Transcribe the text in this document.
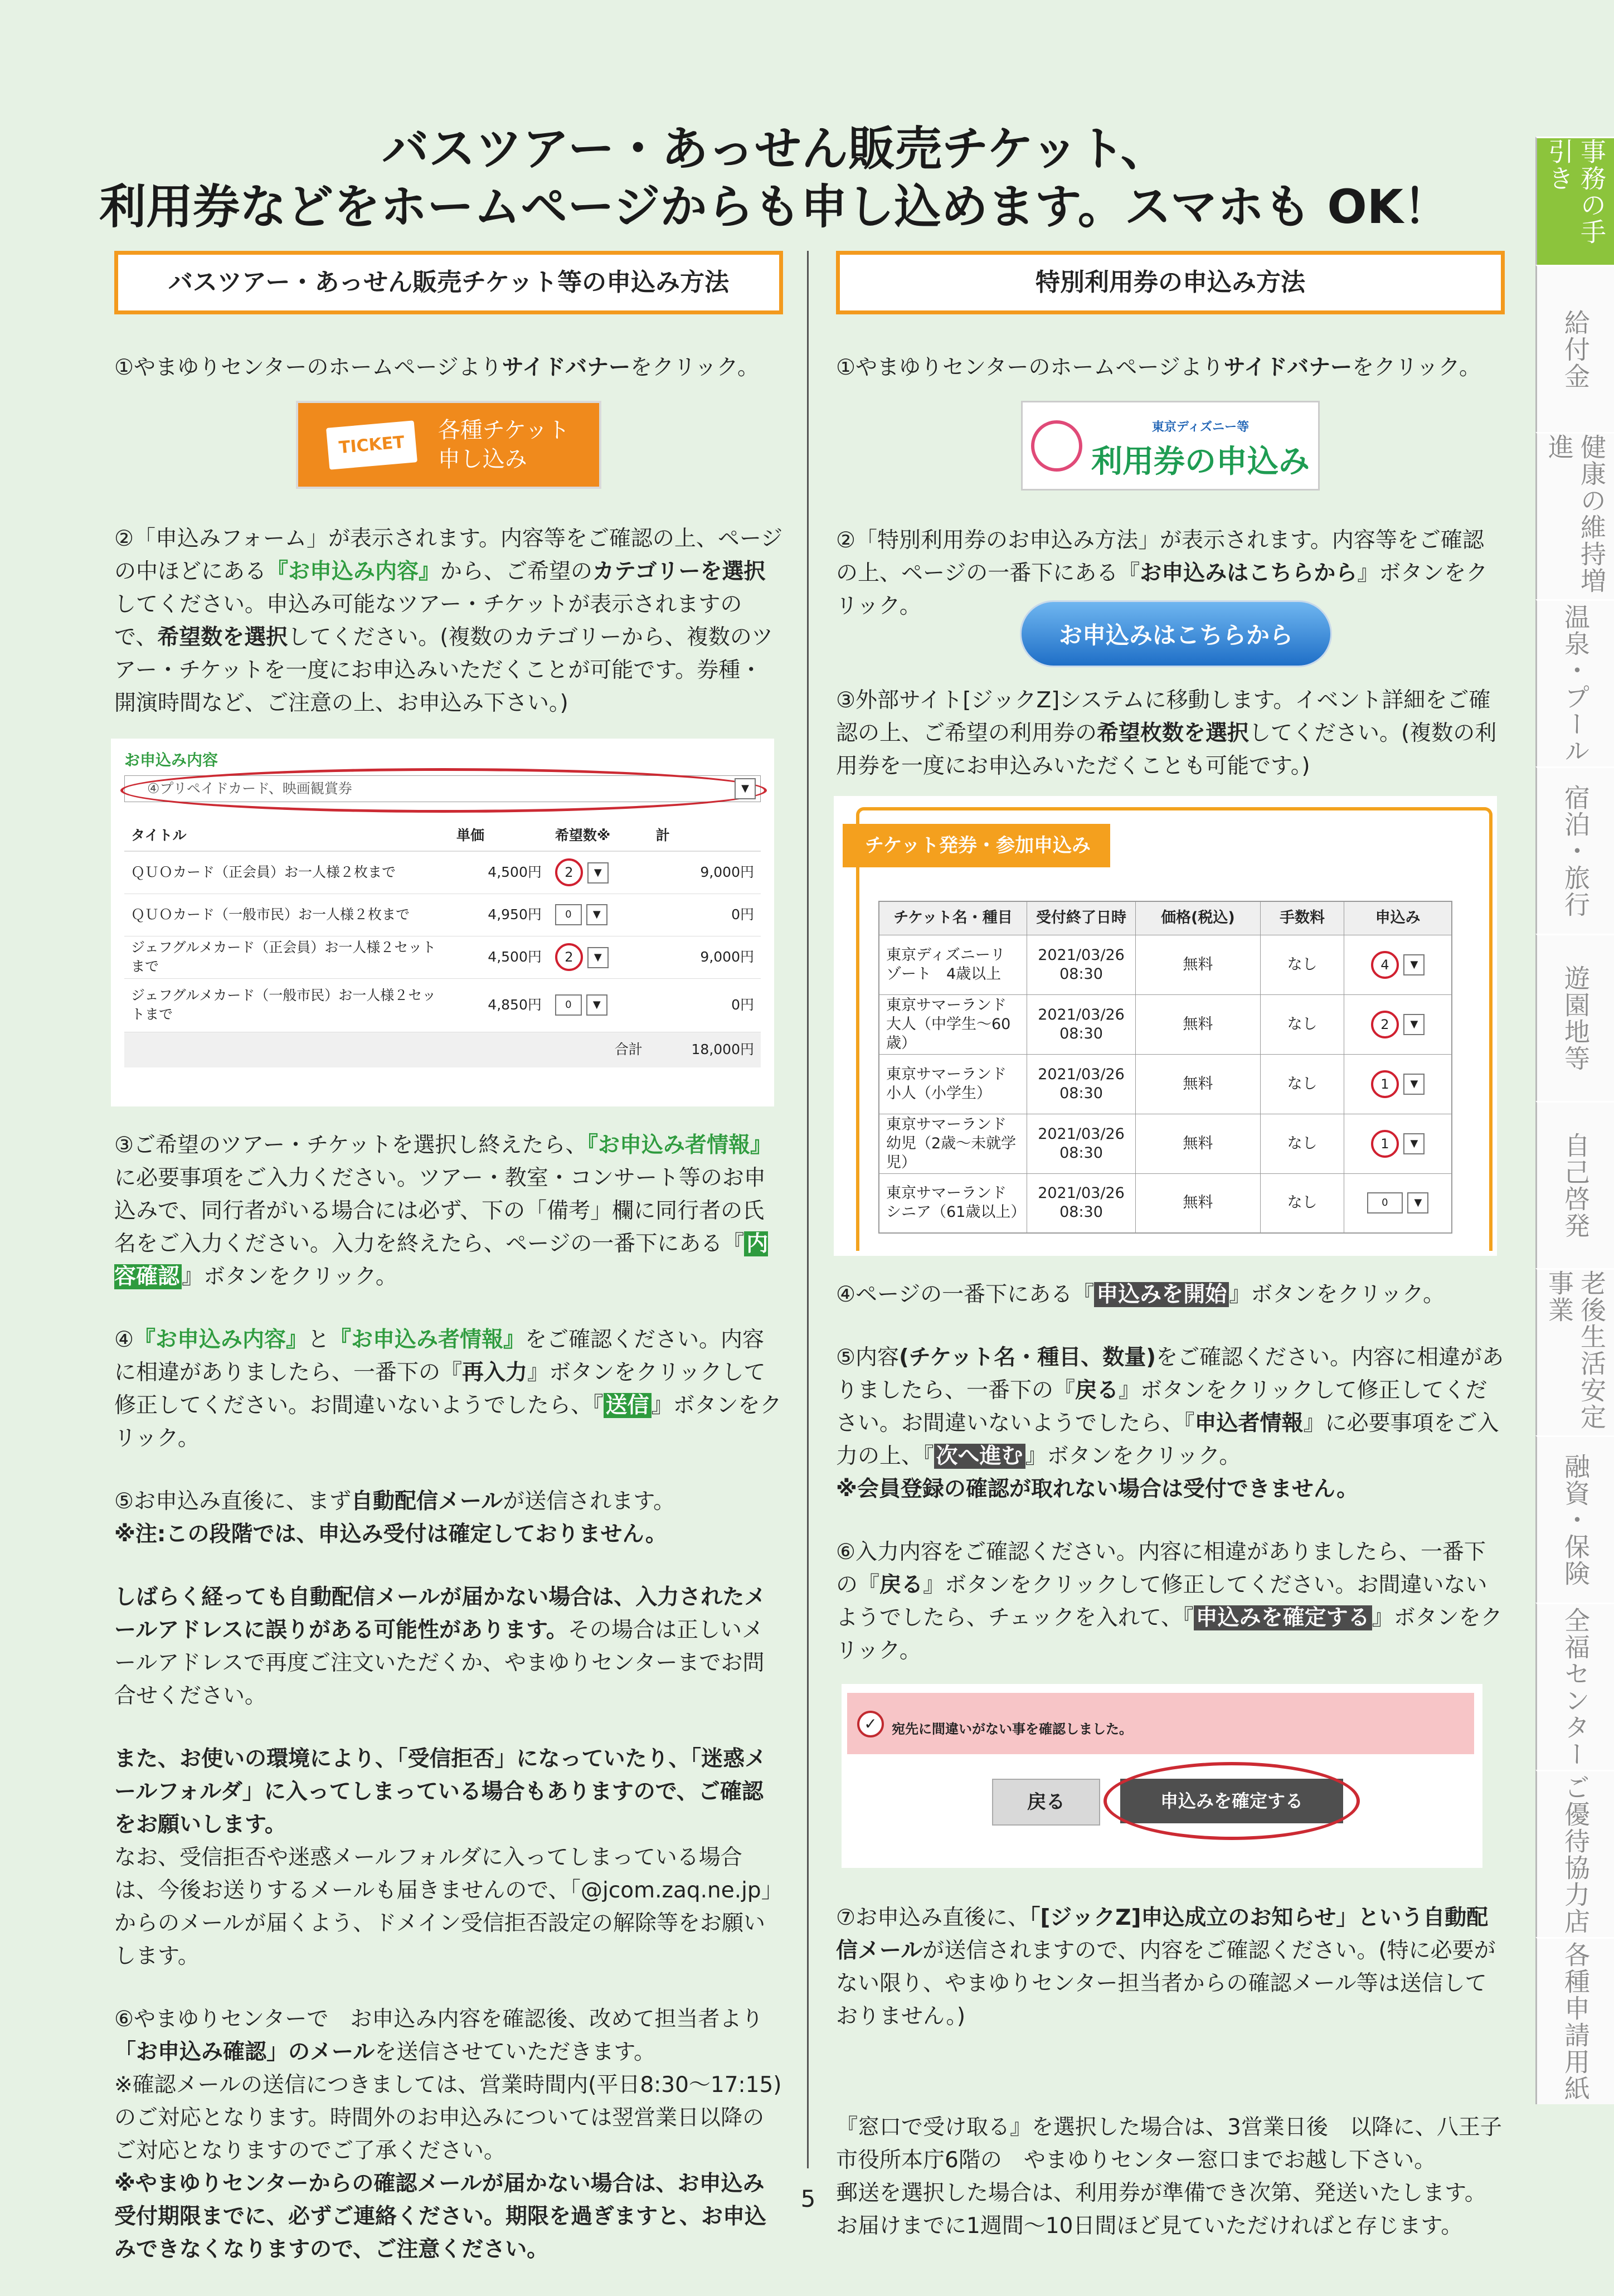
バスツアー・あっせん販売チケット、
利用券などをホームページからも申し込めます。スマホも OK！
バスツアー・あっせん販売チケット等の申込み方法

①やまゆりセンターのホームページよりサイドバナーをクリック。

TICKET
各種チケット
申し込み

②「申込みフォーム」が表示されます。内容等をご確認の上、ページの中ほどにある『お申込み内容』から、ご希望のカテゴリーを選択してください。申込み可能なツアー・チケットが表示されますので、希望数を選択してください。(複数のカテゴリーから、複数のツアー・チケットを一度にお申込みいただくことが可能です。券種・開演時間など、ご注意の上、お申込み下さい。)

お申込み内容
④プリペイドカード、映画観賞券	▼
タイトル	単価	希望数※	計
ＱＵＯカード（正会員）お一人様２枚まで	4,500円	2 ▼	9,000円
ＱＵＯカード（一般市民）お一人様２枚まで	4,950円	0 ▼	0円
ジェフグルメカード（正会員）お一人様２セットまで	4,500円	2 ▼	9,000円
ジェフグルメカード（一般市民）お一人様２セットまで	4,850円	0 ▼	0円
		合計	18,000円

③ご希望のツアー・チケットを選択し終えたら、『お申込み者情報』に必要事項をご入力ください。ツアー・教室・コンサート等のお申込みで、同行者がいる場合には必ず、下の「備考」欄に同行者の氏名をご入力ください。入力を終えたら、ページの一番下にある『 内容確認 』ボタンをクリック。

④『お申込み内容』と『お申込み者情報』をご確認ください。内容に相違がありましたら、一番下の『再入力』ボタンをクリックして修正してください。お間違いないようでしたら、『 送信 』ボタンをクリック。

⑤お申込み直後に、まず自動配信メールが送信されます。
※注:この段階では、申込み受付は確定しておりません。

しばらく経っても自動配信メールが届かない場合は、入力されたメールアドレスに誤りがある可能性があります。その場合は正しいメールアドレスで再度ご注文いただくか、やまゆりセンターまでお問合せください。

また、お使いの環境により、「受信拒否」になっていたり、「迷惑メールフォルダ」に入ってしまっている場合もありますので、ご確認をお願いします。
なお、受信拒否や迷惑メールフォルダに入ってしまっている場合は、今後お送りするメールも届きませんので、「@jcom.zaq.ne.jp」からのメールが届くよう、ドメイン受信拒否設定の解除等をお願いします。

⑥やまゆりセンターで　お申込み内容を確認後、改めて担当者より「お申込み確認」のメールを送信させていただきます。
※確認メールの送信につきましては、営業時間内(平日8:30～17:15)のご対応となります。時間外のお申込みについては翌営業日以降のご対応となりますのでご了承ください。
※やまゆりセンターからの確認メールが届かない場合は、お申込み受付期限までに、必ずご連絡ください。期限を過ぎますと、お申込みできなくなりますので、ご注意ください。

特別利用券の申込み方法

①やまゆりセンターのホームページよりサイドバナーをクリック。

東京ディズニー等
利用券の申込み

②「特別利用券のお申込み方法」が表示されます。内容等をご確認の上、ページの一番下にある『お申込みはこちらから』ボタンをクリック。

お申込みはこちらから

③外部サイト[ジックZ]システムに移動します。イベント詳細をご確認の上、ご希望の利用券の希望枚数を選択してください。(複数の利用券を一度にお申込みいただくことも可能です。)

チケット発券・参加申込み
チケット名・種目	受付終了日時	価格(税込)	手数料	申込み
東京ディズニーリゾート　4歳以上	2021/03/26 08:30	無料	なし	4 ▼
東京サマーランド大人（中学生～60歳）	2021/03/26 08:30	無料	なし	2 ▼
東京サマーランド小人（小学生）	2021/03/26 08:30	無料	なし	1 ▼
東京サマーランド幼児（2歳～未就学児）	2021/03/26 08:30	無料	なし	1 ▼
東京サマーランドシニア（61歳以上）	2021/03/26 08:30	無料	なし	0 ▼

④ページの一番下にある『 申込みを開始 』ボタンをクリック。

⑤内容(チケット名・種目、数量)をご確認ください。内容に相違がありましたら、一番下の『戻る』ボタンをクリックして修正してください。お間違いないようでしたら、『申込者情報』に必要事項をご入力の上、『 次へ進む 』ボタンをクリック。
※会員登録の確認が取れない場合は受付できません。

⑥入力内容をご確認ください。内容に相違がありましたら、一番下の『戻る』ボタンをクリックして修正してください。お間違いないようでしたら、チェックを入れて、『 申込みを確定する 』ボタンをクリック。

✓	宛先に間違いがない事を確認しました。
戻る	申込みを確定する

⑦お申込み直後に、「[ジックZ]申込成立のお知らせ」という自動配信メールが送信されますので、内容をご確認ください。(特に必要がない限り、やまゆりセンター担当者からの確認メール等は送信しておりません。)

『窓口で受け取る』を選択した場合は、3営業日後　以降に、八王子市役所本庁6階の　やまゆりセンター窓口までお越し下さい。
郵送を選択した場合は、利用券が準備でき次第、発送いたします。お届けまでに1週間～10日間ほど見ていただければと存じます。

事務の手引き
給付金
健康の維持増進
温泉・プール
宿泊・旅行
遊園地等
自己啓発
老後生活安定事業
融資・保険
全福センター
ご優待協力店
各種申請用紙
5
